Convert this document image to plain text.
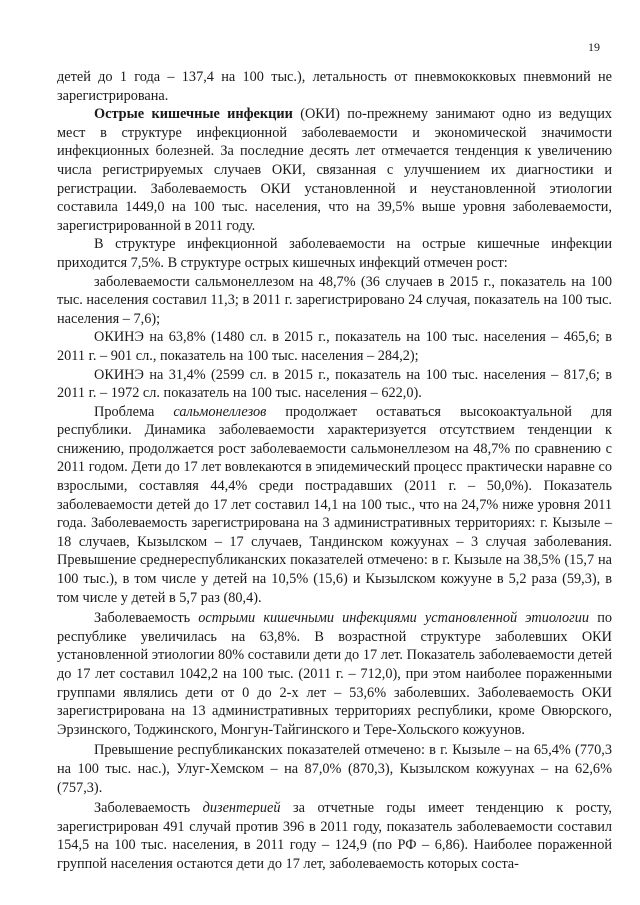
19

детей до 1 года – 137,4 на 100 тыс.), летальность от пневмококковых пневмоний не зарегистрирована.

Острые кишечные инфекции (ОКИ) по-прежнему занимают одно из ведущих мест в структуре инфекционной заболеваемости и экономической значимости инфекционных болезней. За последние десять лет отмечается тенденция к увеличению числа регистрируемых случаев ОКИ, связанная с улучшением их диагностики и регистрации. Заболеваемость ОКИ установленной и неустановленной этиологии составила 1449,0 на 100 тыс. населения, что на 39,5% выше уровня заболеваемости, зарегистрированной в 2011 году.

В структуре инфекционной заболеваемости на острые кишечные инфекции приходится 7,5%. В структуре острых кишечных инфекций отмечен рост:

заболеваемости сальмонеллезом на 48,7% (36 случаев в 2015 г., показатель на 100 тыс. населения составил 11,3; в 2011 г. зарегистрировано 24 случая, показатель на 100 тыс. населения – 7,6);

ОКИНЭ на 63,8% (1480 сл. в 2015 г., показатель на 100 тыс. населения – 465,6; в 2011 г. – 901 сл., показатель на 100 тыс. населения – 284,2);

ОКИНЭ на 31,4% (2599 сл. в 2015 г., показатель на 100 тыс. населения – 817,6; в 2011 г. – 1972 сл. показатель на 100 тыс. населения – 622,0).

Проблема сальмонеллезов продолжает оставаться высокоактуальной для республики. Динамика заболеваемости характеризуется отсутствием тенденции к снижению, продолжается рост заболеваемости сальмонеллезом на 48,7% по сравнению с 2011 годом. Дети до 17 лет вовлекаются в эпидемический процесс практически наравне со взрослыми, составляя 44,4% среди пострадавших (2011 г. – 50,0%). Показатель заболеваемости детей до 17 лет составил 14,1 на 100 тыс., что на 24,7% ниже уровня 2011 года. Заболеваемость зарегистрирована на 3 административных территориях: г. Кызыле – 18 случаев, Кызылском – 17 случаев, Тандинском кожуунах – 3 случая заболевания. Превышение среднереспубликанских показателей отмечено: в г. Кызыле на 38,5% (15,7 на 100 тыс.), в том числе у детей на 10,5% (15,6) и Кызылском кожууне в 5,2 раза (59,3), в том числе у детей в 5,7 раз (80,4).

Заболеваемость острыми кишечными инфекциями установленной этиологии по республике увеличилась на 63,8%. В возрастной структуре заболевших ОКИ установленной этиологии 80% составили дети до 17 лет. Показатель заболеваемости детей до 17 лет составил 1042,2 на 100 тыс. (2011 г. – 712,0), при этом наиболее пораженными группами являлись дети от 0 до 2-х лет – 53,6% заболевших. Заболеваемость ОКИ зарегистрирована на 13 административных территориях республики, кроме Овюрского, Эрзинского, Тоджинского, Монгун-Тайгинского и Тере-Хольского кожуунов.

Превышение республиканских показателей отмечено: в г. Кызыле – на 65,4% (770,3 на 100 тыс. нас.), Улуг-Хемском – на 87,0% (870,3), Кызылском кожуунах – на 62,6% (757,3).

Заболеваемость дизентерией за отчетные годы имеет тенденцию к росту, зарегистрирован 491 случай против 396 в 2011 году, показатель заболеваемости составил 154,5 на 100 тыс. населения, в 2011 году – 124,9 (по РФ – 6,86). Наиболее пораженной группой населения остаются дети до 17 лет, заболеваемость которых состa-
